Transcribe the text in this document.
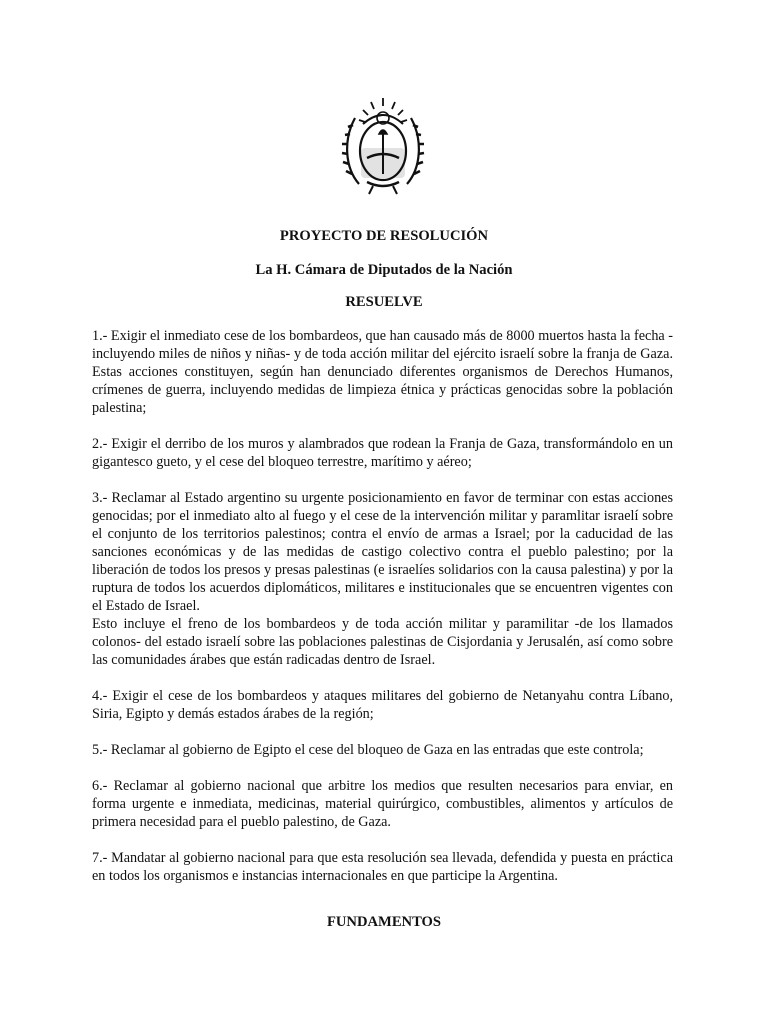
PROYECTO DE RESOLUCIÓN
La H. Cámara de Diputados de la Nación
RESUELVE

1.- Exigir el inmediato cese de los bombardeos, que han causado más de 8000 muertos hasta la fecha -incluyendo miles de niños y niñas- y de toda acción militar del ejército israelí sobre la franja de Gaza. Estas acciones constituyen, según han denunciado diferentes organismos de Derechos Humanos, crímenes de guerra, incluyendo medidas de limpieza étnica y prácticas genocidas sobre la población palestina;

2.- Exigir el derribo de los muros y alambrados que rodean la Franja de Gaza, transformándolo en un gigantesco gueto, y el cese del bloqueo terrestre, marítimo y aéreo;

3.- Reclamar al Estado argentino su urgente posicionamiento en favor de terminar con estas acciones genocidas; por el inmediato alto al fuego y el cese de la intervención militar y paramlitar israelí sobre el conjunto de los territorios palestinos; contra el envío de armas a Israel; por la caducidad de las sanciones económicas y de las medidas de castigo colectivo contra el pueblo palestino; por la liberación de todos los presos y presas palestinas (e israelíes solidarios con la causa palestina) y por la ruptura de todos los acuerdos diplomáticos, militares e institucionales que se encuentren vigentes con el Estado de Israel.

Esto incluye el freno de los bombardeos y de toda acción militar y paramilitar -de los llamados colonos- del estado israelí sobre las poblaciones palestinas de Cisjordania y Jerusalén, así como sobre las comunidades árabes que están radicadas dentro de Israel.

4.- Exigir el cese de los bombardeos y ataques militares del gobierno de Netanyahu contra Líbano, Siria, Egipto y demás estados árabes de la región;

5.- Reclamar al gobierno de Egipto el cese del bloqueo de Gaza en las entradas que este controla;

6.- Reclamar al gobierno nacional que arbitre los medios que resulten necesarios para enviar, en forma urgente e inmediata, medicinas, material quirúrgico, combustibles, alimentos y artículos de primera necesidad para el pueblo palestino, de Gaza.

7.- Mandatar al gobierno nacional para que esta resolución sea llevada, defendida y puesta en práctica en todos los organismos e instancias internacionales en que participe la Argentina.

FUNDAMENTOS
